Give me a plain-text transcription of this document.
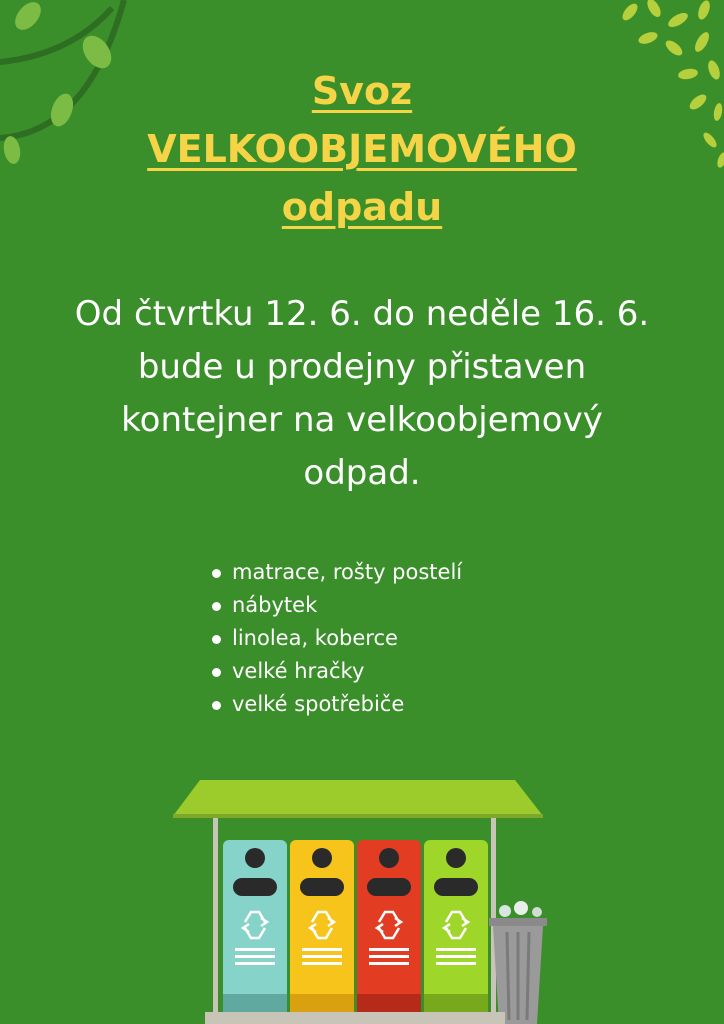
Svoz
VELKOOBJEMOVÉHO
odpadu
Od čtvrtku 12. 6. do neděle 16. 6.
bude u prodejny přistaven
kontejner na velkoobjemový
odpad.
matrace, rošty postelí
nábytek
linolea, koberce
velké hračky
velké spotřebiče
